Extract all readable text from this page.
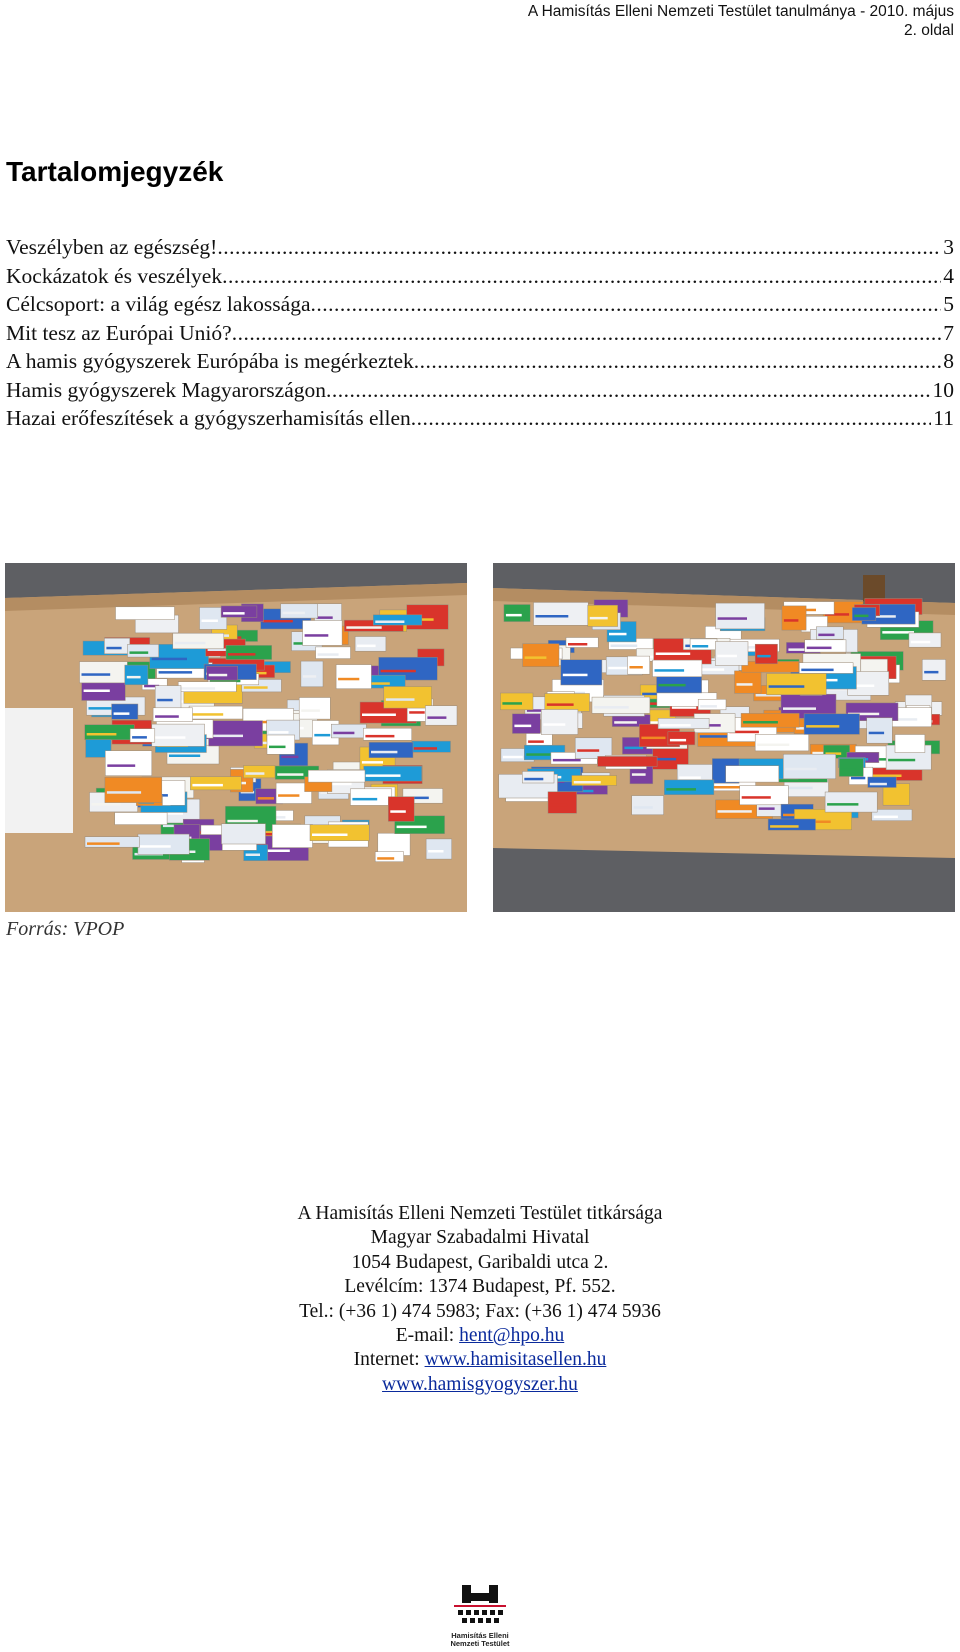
A Hamisítás Elleni Nemzeti Testület tanulmánya - 2010. május
2. oldal
Tartalomjegyzék
Veszélyben az egészség! .....	3
Kockázatok és veszélyek .....	4
Célcsoport: a világ egész lakossága .....	5
Mit tesz az Európai Unió? .....	7
A hamis gyógyszerek Európába is megérkeztek .....	8
Hamis gyógyszerek Magyarországon .....	10
Hazai erőfeszítések a gyógyszerhamisítás ellen .....	11
Forrás: VPOP
A Hamisítás Elleni Nemzeti Testület titkársága
Magyar Szabadalmi Hivatal
1054 Budapest, Garibaldi utca 2.
Levélcím: 1374 Budapest, Pf. 552.
Tel.: (+36 1) 474 5983; Fax: (+36 1) 474 5936
E-mail: hent@hpo.hu
Internet: www.hamisitasellen.hu
www.hamisgyogyszer.hu
Hamisítás Elleni
Nemzeti Testület
